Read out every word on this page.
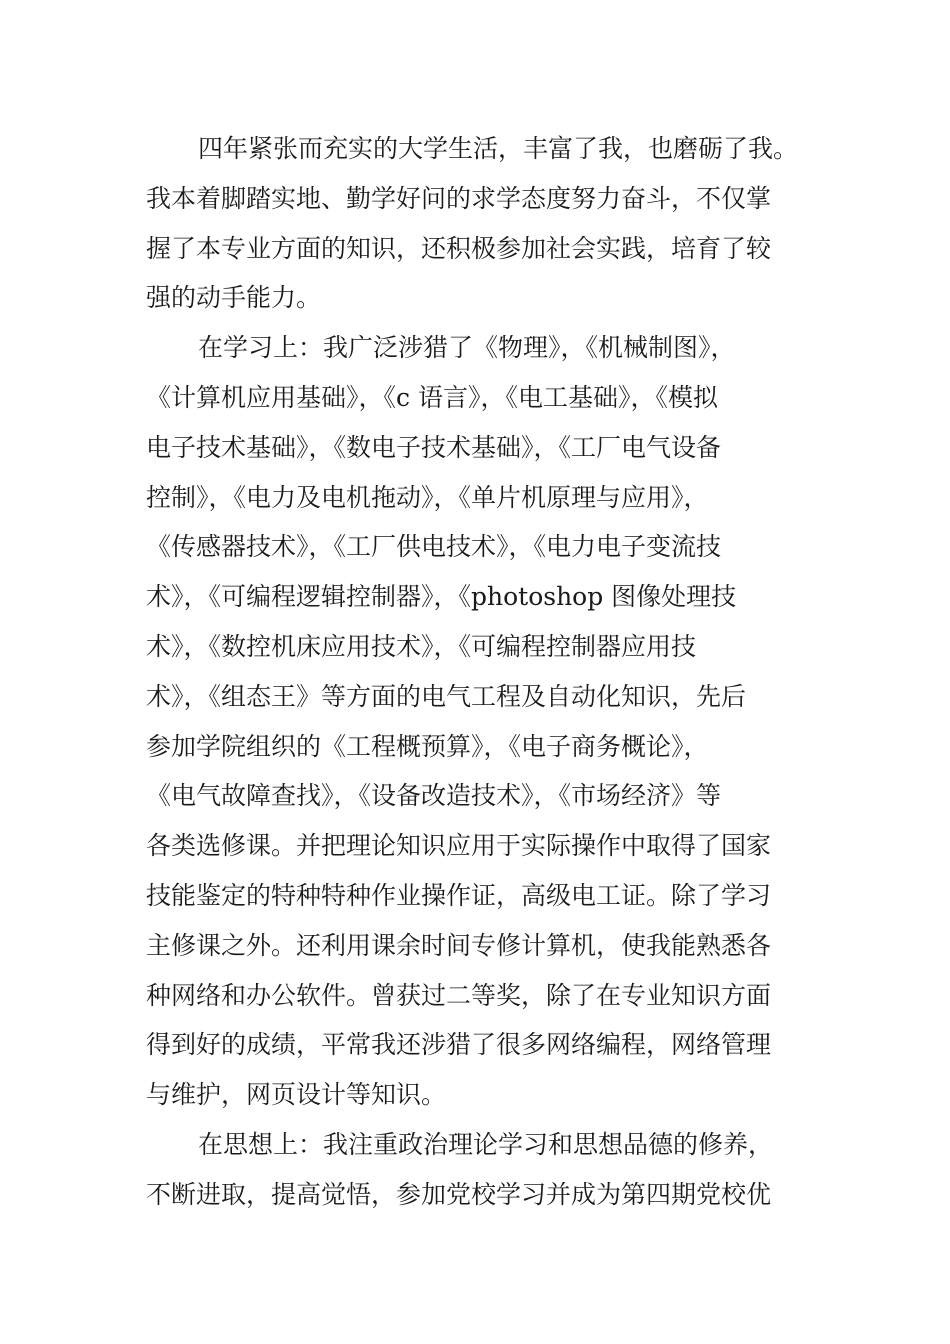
四年紧张而充实的大学生活，丰富了我，也磨砺了我。
我本着脚踏实地、勤学好问的求学态度努力奋斗，不仅掌
握了本专业方面的知识，还积极参加社会实践，培育了较
强的动手能力。
在学习上：我广泛涉猎了《物理》，《机械制图》，
《计算机应用基础》，《c 语言》，《电工基础》，《模拟
电子技术基础》，《数电子技术基础》，《工厂电气设备
控制》，《电力及电机拖动》，《单片机原理与应用》，
《传感器技术》，《工厂供电技术》，《电力电子变流技
术》，《可编程逻辑控制器》，《photoshop 图像处理技
术》，《数控机床应用技术》，《可编程控制器应用技
术》，《组态王》等方面的电气工程及自动化知识，先后
参加学院组织的《工程概预算》，《电子商务概论》，
《电气故障查找》，《设备改造技术》，《市场经济》等
各类选修课。并把理论知识应用于实际操作中取得了国家
技能鉴定的特种特种作业操作证，高级电工证。除了学习
主修课之外。还利用课余时间专修计算机，使我能熟悉各
种网络和办公软件。曾获过二等奖，除了在专业知识方面
得到好的成绩，平常我还涉猎了很多网络编程，网络管理
与维护，网页设计等知识。
在思想上：我注重政治理论学习和思想品德的修养，
不断进取，提高觉悟，参加党校学习并成为第四期党校优
